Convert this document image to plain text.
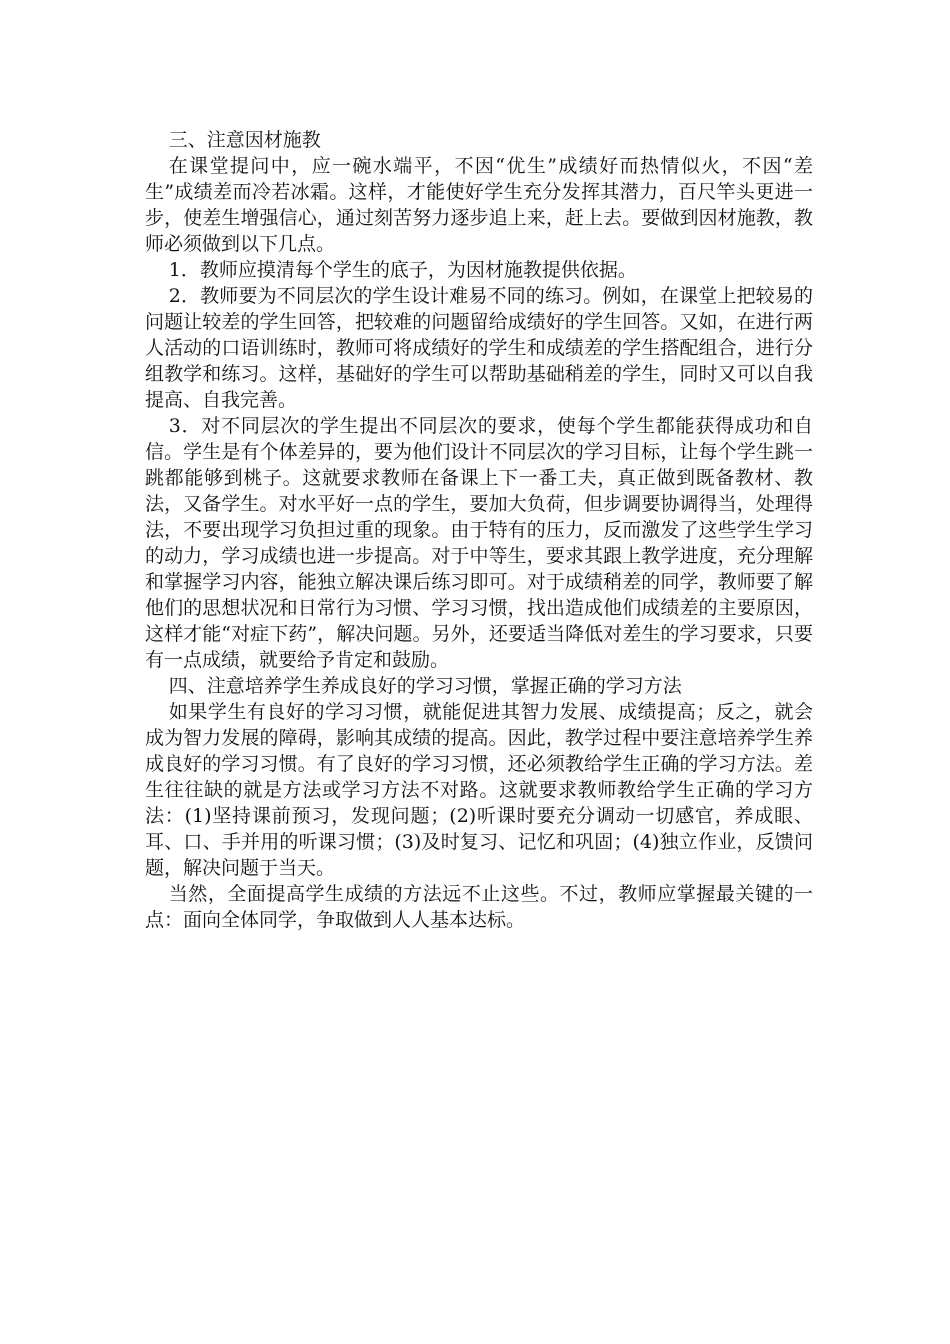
三、注意因材施教

在课堂提问中，应一碗水端平，不因“优生”成绩好而热情似火，不因“差生”成绩差而冷若冰霜。这样，才能使好学生充分发挥其潜力，百尺竿头更进一步，使差生增强信心，通过刻苦努力逐步追上来，赶上去。要做到因材施教，教师必须做到以下几点。

1．教师应摸清每个学生的底子，为因材施教提供依据。

2．教师要为不同层次的学生设计难易不同的练习。例如，在课堂上把较易的问题让较差的学生回答，把较难的问题留给成绩好的学生回答。又如，在进行两人活动的口语训练时，教师可将成绩好的学生和成绩差的学生搭配组合，进行分组教学和练习。这样，基础好的学生可以帮助基础稍差的学生，同时又可以自我提高、自我完善。

3．对不同层次的学生提出不同层次的要求，使每个学生都能获得成功和自信。学生是有个体差异的，要为他们设计不同层次的学习目标，让每个学生跳一跳都能够到桃子。这就要求教师在备课上下一番工夫，真正做到既备教材、教法，又备学生。对水平好一点的学生，要加大负荷，但步调要协调得当，处理得法，不要出现学习负担过重的现象。由于特有的压力，反而激发了这些学生学习的动力，学习成绩也进一步提高。对于中等生，要求其跟上教学进度，充分理解和掌握学习内容，能独立解决课后练习即可。对于成绩稍差的同学，教师要了解他们的思想状况和日常行为习惯、学习习惯，找出造成他们成绩差的主要原因，这样才能“对症下药”，解决问题。另外，还要适当降低对差生的学习要求，只要有一点成绩，就要给予肯定和鼓励。

四、注意培养学生养成良好的学习习惯，掌握正确的学习方法

如果学生有良好的学习习惯，就能促进其智力发展、成绩提高；反之，就会成为智力发展的障碍，影响其成绩的提高。因此，教学过程中要注意培养学生养成良好的学习习惯。有了良好的学习习惯，还必须教给学生正确的学习方法。差生往往缺的就是方法或学习方法不对路。这就要求教师教给学生正确的学习方法：(1)坚持课前预习，发现问题；(2)听课时要充分调动一切感官，养成眼、耳、口、手并用的听课习惯；(3)及时复习、记忆和巩固；(4)独立作业，反馈问题，解决问题于当天。

当然，全面提高学生成绩的方法远不止这些。不过，教师应掌握最关键的一点：面向全体同学，争取做到人人基本达标。
